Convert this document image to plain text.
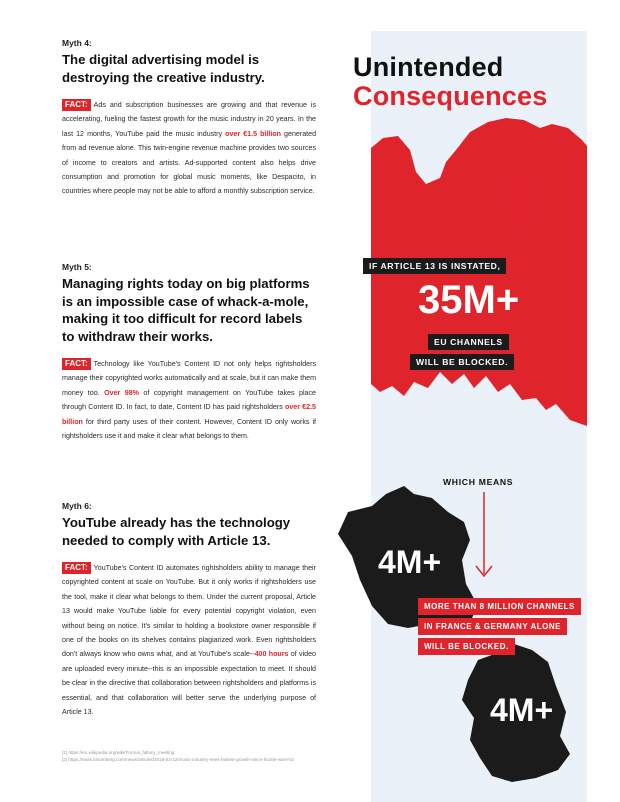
Myth 4:

The digital advertising model is destroying the creative industry.

FACT: Ads and subscription businesses are growing and that revenue is accelerating, fueling the fastest growth for the music industry in 20 years. In the last 12 months, YouTube paid the music industry over €1.5 billion generated from ad revenue alone. This twin-engine revenue machine provides two sources of income to creators and artists. Ad-supported content also helps drive consumption and promotion for global music moments, like Despacito, in countries where people may not be able to afford a monthly subscription service.

Myth 5:

Managing rights today on big platforms is an impossible case of whack-a-mole, making it too difficult for record labels to withdraw their works.

FACT: Technology like YouTube's Content ID not only helps rightsholders manage their copyrighted works automatically and at scale, but it can make them money too. Over 98% of copyright management on YouTube takes place through Content ID. In fact, to date, Content ID has paid rightsholders over €2.5 billion for third party uses of their content. However, Content ID only works if rightsholders use it and make it clear what belongs to them.

Myth 6:

YouTube already has the technology needed to comply with Article 13.

FACT: YouTube's Content ID automates rightsholders ability to manage their copyrighted content at scale on YouTube. But it only works if rightsholders use the tool, make it clear what belongs to them. Under the current proposal, Article 13 would make YouTube liable for every potential copyright violation, even without being on notice. It's similar to holding a bookstore owner responsible if one of the books on its shelves contains plagiarized work. Even rightsholders don't always know who owns what, and at YouTube's scale--400 hours of video are uploaded every minute--this is an impossible expectation to meet. It should be clear in the directive that collaboration between rightsholders and platforms is essential, and that collaboration will better serve the underlying purpose of Article 13.

[1] https://en.wikipedia.org/wiki/Formal_fallacy_meeting
[2] https://www.bloomberg.com/news/articles/2018-03-22/music-industry-sees-fastest-growth-since-hootie-was-hot
Unintended
Consequences
IF ARTICLE 13 IS INSTATED,
35M+
EU CHANNELS
WILL BE BLOCKED.
WHICH MEANS
4M+
4M+
MORE THAN 8 MILLION CHANNELS
IN FRANCE & GERMANY ALONE
WILL BE BLOCKED.
